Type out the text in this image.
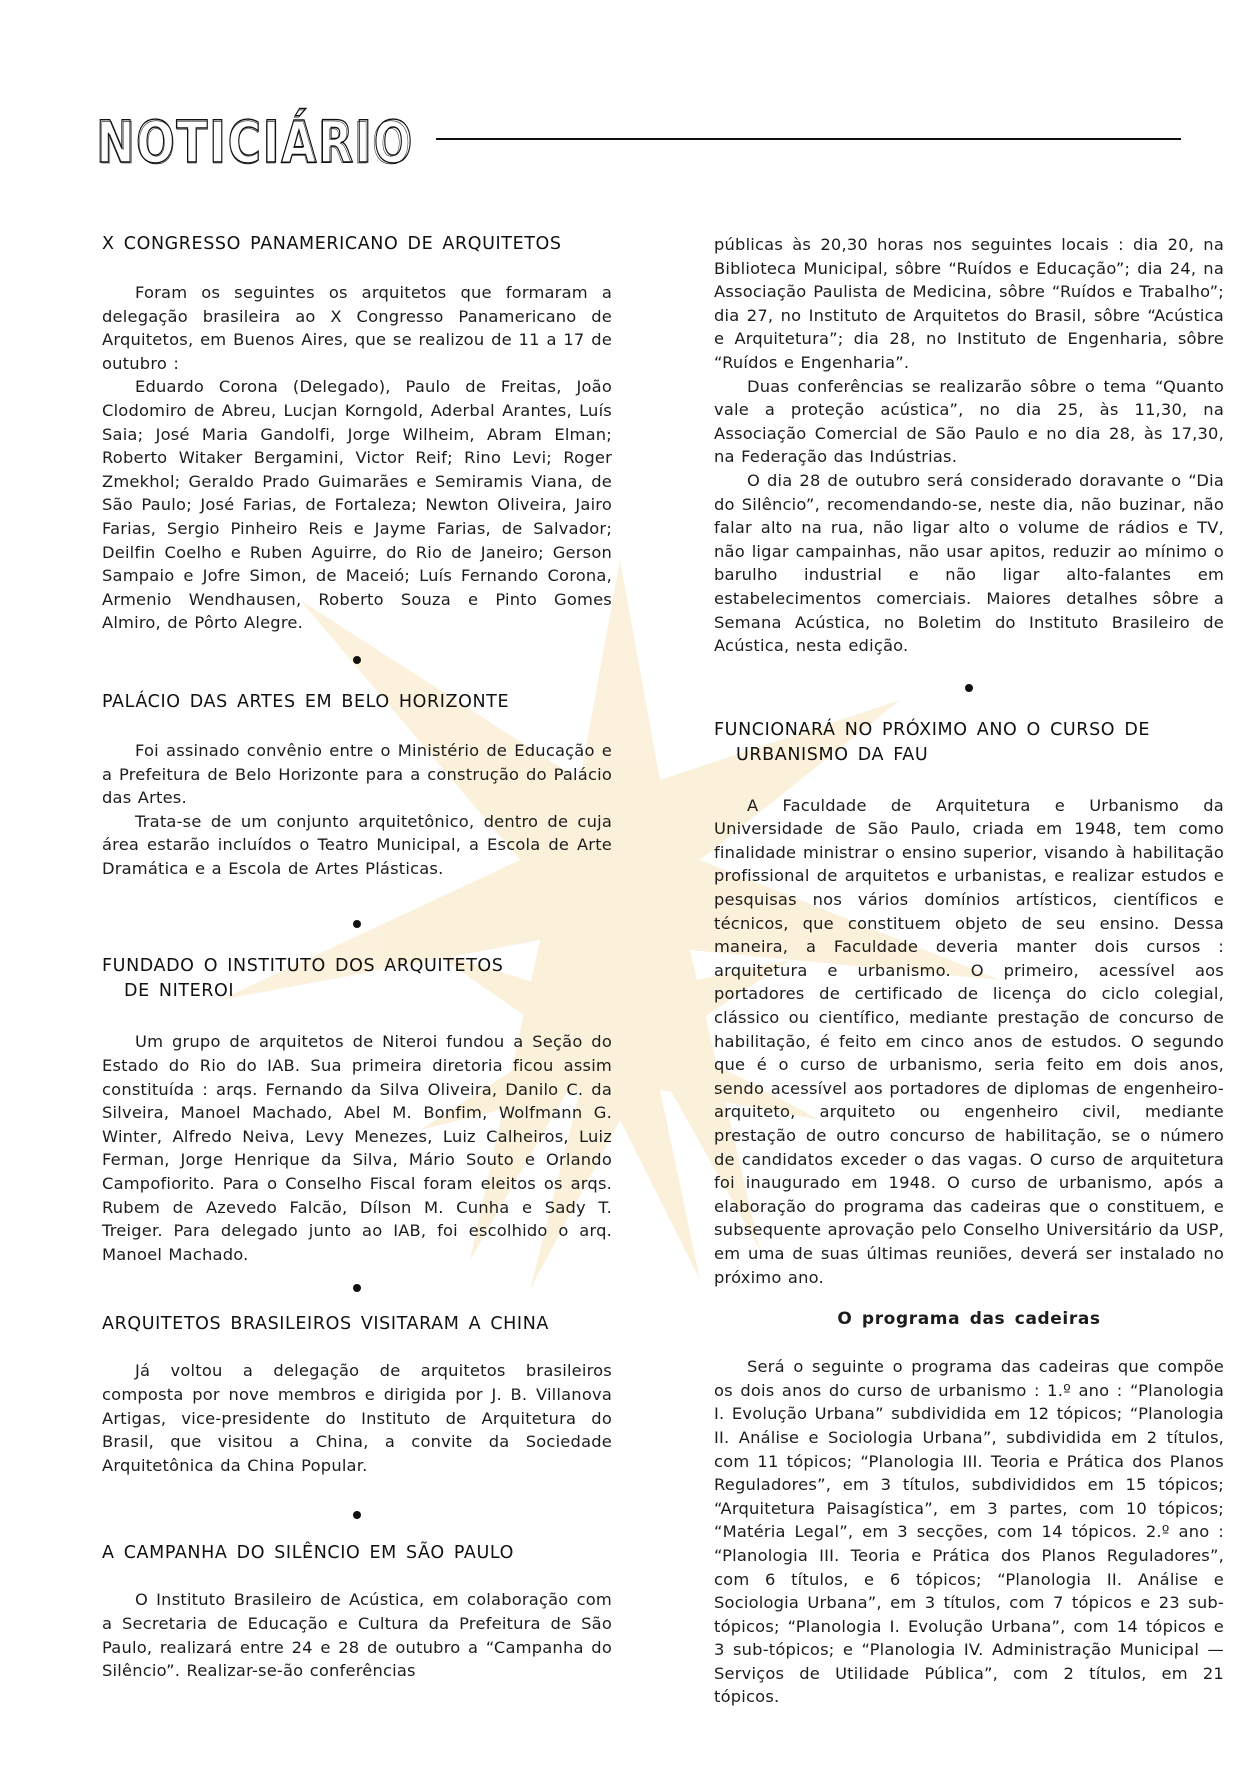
NOTICIÁR
NOTICIÁR
X CONGRESSO PANAMERICANO DE ARQUITETOS

Foram os seguintes os arquitetos que formaram a delegação brasileira ao X Congresso Panamericano de Arquitetos, em Buenos Aires, que se realizou de 11 a 17 de outubro :

Eduardo Corona (Delegado), Paulo de Freitas, João Clodomiro de Abreu, Lucjan Korngold, Aderbal Arantes, Luís Saia; José Maria Gandolfi, Jorge Wilheim, Abram Elman; Roberto Witaker Bergamini, Victor Reif; Rino Levi; Roger Zmekhol; Geraldo Prado Guimarães e Semiramis Viana, de São Paulo; José Farias, de Fortaleza; Newton Oliveira, Jairo Farias, Sergio Pinheiro Reis e Jayme Farias, de Salvador; Deilfin Coelho e Ruben Aguirre, do Rio de Janeiro; Gerson Sampaio e Jofre Simon, de Maceió; Luís Fernando Corona, Armenio Wendhausen, Roberto Souza e Pinto Gomes Almiro, de Pôrto Alegre.

PALÁCIO DAS ARTES EM BELO HORIZONTE

Foi assinado convênio entre o Ministério de Educação e a Prefeitura de Belo Horizonte para a construção do Palácio das Artes.

Trata-se de um conjunto arquitetônico, dentro de cuja área estarão incluídos o Teatro Municipal, a Escola de Arte Dramática e a Escola de Artes Plásticas.

FUNDADO O INSTITUTO DOS ARQUITETOS
DE NITEROI

Um grupo de arquitetos de Niteroi fundou a Seção do Estado do Rio do IAB. Sua primeira diretoria ficou assim constituída : arqs. Fernando da Silva Oliveira, Danilo C. da Silveira, Manoel Machado, Abel M. Bonfim, Wolfmann G. Winter, Alfredo Neiva, Levy Menezes, Luiz Calheiros, Luiz Ferman, Jorge Henrique da Silva, Mário Souto e Orlando Campofiorito. Para o Conselho Fiscal foram eleitos os arqs. Rubem de Azevedo Falcão, Dílson M. Cunha e Sady T. Treiger. Para delegado junto ao IAB, foi escolhido o arq. Manoel Machado.

ARQUITETOS BRASILEIROS VISITARAM A CHINA

Já voltou a delegação de arquitetos brasileiros composta por nove membros e dirigida por J. B. Villanova Artigas, vice-presidente do Instituto de Arquitetura do Brasil, que visitou a China, a convite da Sociedade Arquitetônica da China Popular.

A CAMPANHA DO SILÊNCIO EM SÃO PAULO

O Instituto Brasileiro de Acústica, em colaboração com a Secretaria de Educação e Cultura da Prefeitura de São Paulo, realizará entre 24 e 28 de outubro a “Campanha do Silêncio”. Realizar-se-ão conferências

públicas às 20,30 horas nos seguintes locais : dia 20, na Biblioteca Municipal, sôbre “Ruídos e Educação”; dia 24, na Associação Paulista de Medicina, sôbre “Ruídos e Trabalho”; dia 27, no Instituto de Arquitetos do Brasil, sôbre “Acústica e Arquitetura”; dia 28, no Instituto de Engenharia, sôbre “Ruídos e Engenharia”.

Duas conferências se realizarão sôbre o tema “Quanto vale a proteção acústica”, no dia 25, às 11,30, na Associação Comercial de São Paulo e no dia 28, às 17,30, na Federação das Indústrias.

O dia 28 de outubro será considerado doravante o “Dia do Silêncio”, recomendando-se, neste dia, não buzinar, não falar alto na rua, não ligar alto o volume de rádios e TV, não ligar campainhas, não usar apitos, reduzir ao mínimo o barulho industrial e não ligar alto-falantes em estabelecimentos comerciais. Maiores detalhes sôbre a Semana Acústica, no Boletim do Instituto Brasileiro de Acústica, nesta edição.

FUNCIONARÁ NO PRÓXIMO ANO O CURSO DE
URBANISMO DA FAU

A Faculdade de Arquitetura e Urbanismo da Universidade de São Paulo, criada em 1948, tem como finalidade ministrar o ensino superior, visando à habilitação profissional de arquitetos e urbanistas, e realizar estudos e pesquisas nos vários domínios artísticos, científicos e técnicos, que constituem objeto de seu ensino. Dessa maneira, a Faculdade deveria manter dois cursos : arquitetura e urbanismo. O primeiro, acessível aos portadores de certificado de licença do ciclo colegial, clássico ou científico, mediante prestação de concurso de habilitação, é feito em cinco anos de estudos. O segundo que é o curso de urbanismo, seria feito em dois anos, sendo acessível aos portadores de diplomas de engenheiro-arquiteto, arquiteto ou engenheiro civil, mediante prestação de outro concurso de habilitação, se o número de candidatos exceder o das vagas. O curso de arquitetura foi inaugurado em 1948. O curso de urbanismo, após a elaboração do programa das cadeiras que o constituem, e subsequente aprovação pelo Conselho Universitário da USP, em uma de suas últimas reuniões, deverá ser instalado no próximo ano.

O programa das cadeiras

Será o seguinte o programa das cadeiras que compõe os dois anos do curso de urbanismo : 1.º ano : “Planologia I. Evolução Urbana” subdividida em 12 tópicos; “Planologia II. Análise e Sociologia Urbana”, subdividida em 2 títulos, com 11 tópicos; “Planologia III. Teoria e Prática dos Planos Reguladores”, em 3 títulos, subdivididos em 15 tópicos; “Arquitetura Paisagística”, em 3 partes, com 10 tópicos; “Matéria Legal”, em 3 secções, com 14 tópicos. 2.º ano : “Planologia III. Teoria e Prática dos Planos Reguladores”, com 6 títulos, e 6 tópicos; “Planologia II. Análise e Sociologia Urbana”, em 3 títulos, com 7 tópicos e 23 sub-tópicos; “Planologia I. Evolução Urbana”, com 14 tópicos e 3 sub-tópicos; e “Planologia IV. Administração Municipal — Serviços de Utilidade Pública”, com 2 títulos, em 21 tópicos.
